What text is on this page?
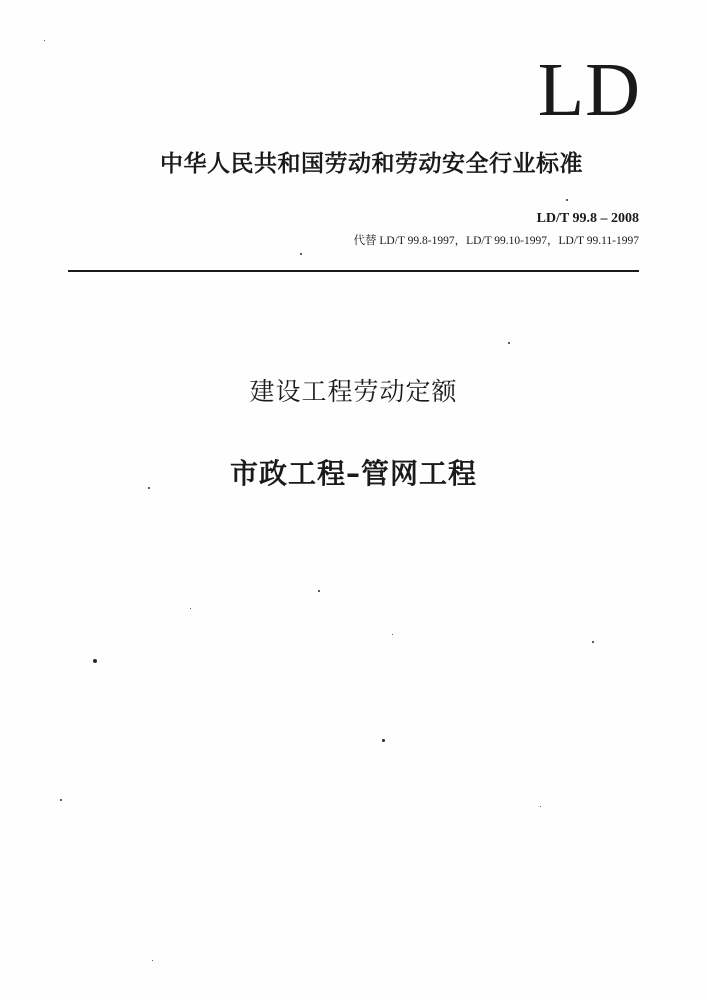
LD
中华人民共和国劳动和劳动安全行业标准
LD/T 99.8 – 2008
代替 LD/T 99.8-1997，LD/T 99.10-1997，LD/T 99.11-1997
建设工程劳动定额
市政工程–管网工程
